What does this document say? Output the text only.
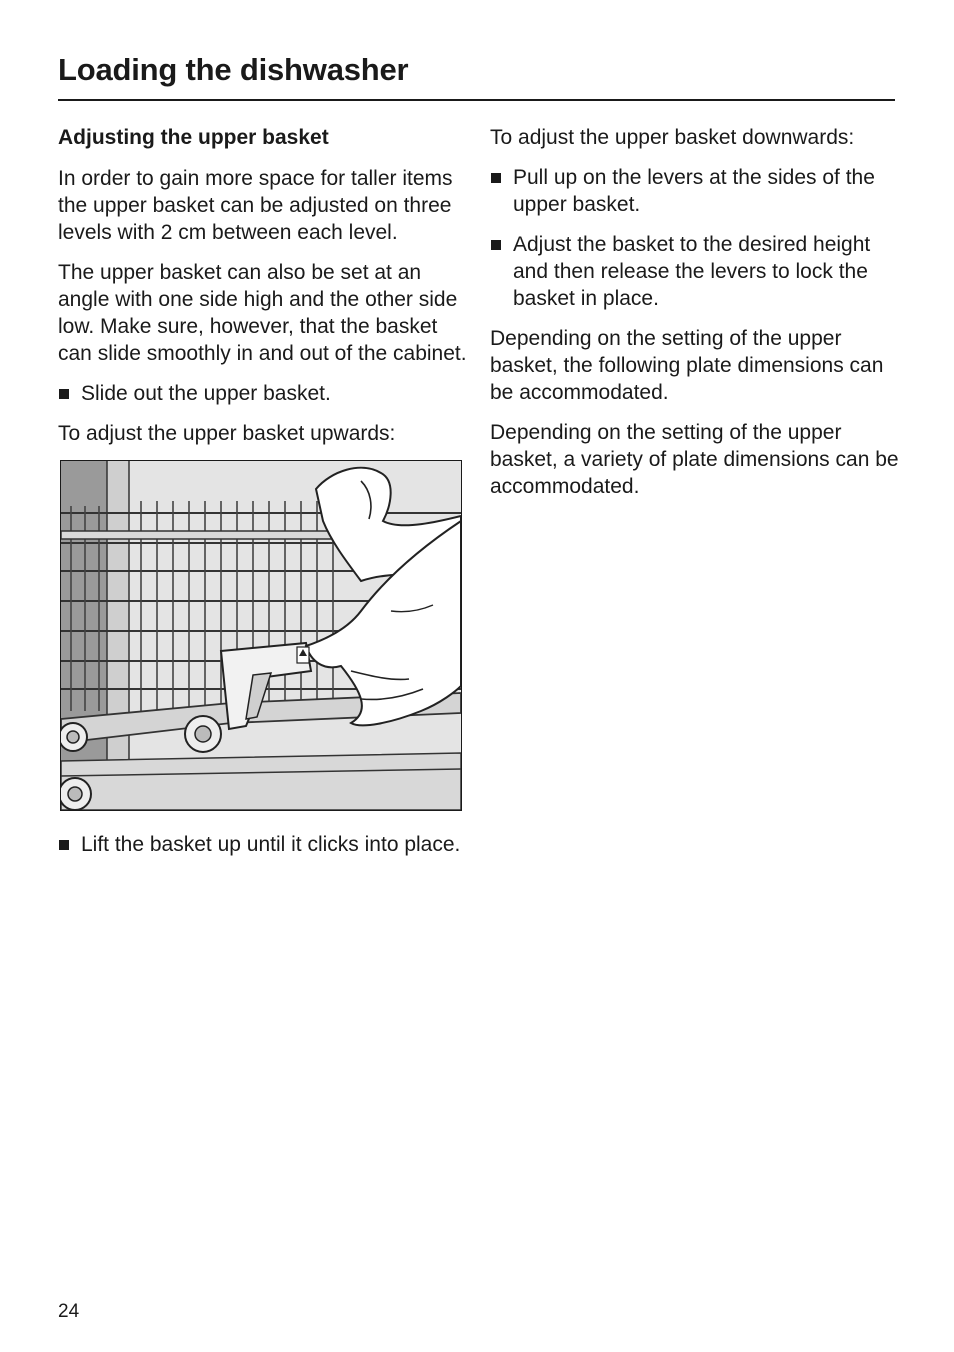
Loading the dishwasher
Adjusting the upper basket

In order to gain more space for taller items the upper basket can be adjusted on three levels with 2 cm between each level.

The upper basket can also be set at an angle with one side high and the other side low. Make sure, however, that the basket can slide smoothly in and out of the cabinet.

Slide out the upper basket.

To adjust the upper basket upwards:

Lift the basket up until it clicks into place.

To adjust the upper basket downwards:

Pull up on the levers at the sides of the upper basket.
Adjust the basket to the desired height and then release the levers to lock the basket in place.

Depending on the setting of the upper basket, the following plate dimensions can be accommodated.

Depending on the setting of the upper basket, a variety of plate dimensions can be accommodated.

24
